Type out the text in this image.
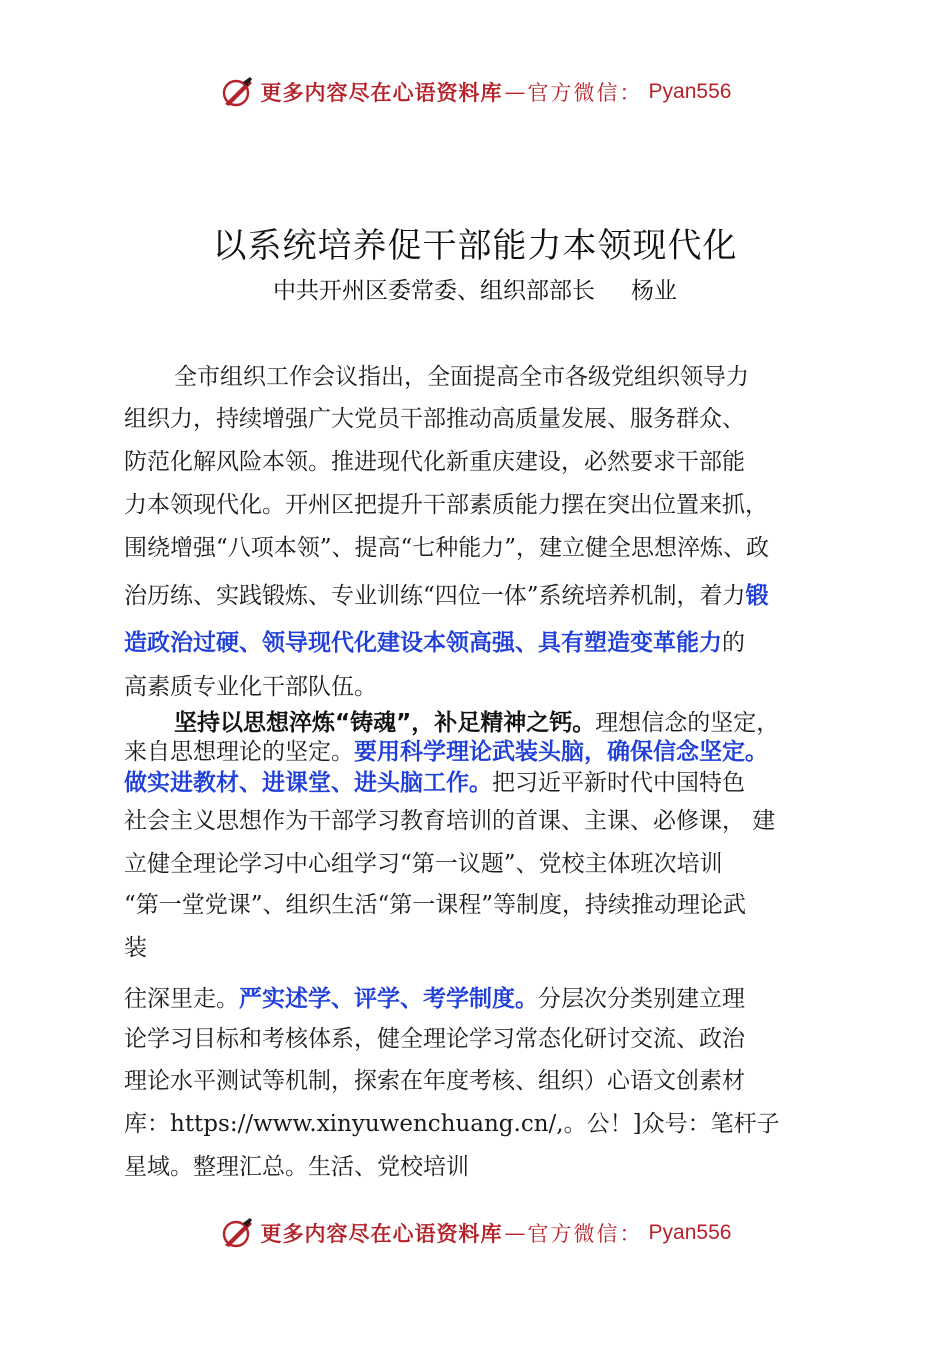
更多内容尽在心语资料库 — 官方微信： Pyan556
以系统培养促干部能力本领现代化
中共开州区委常委、组织部部长 杨业
全市组织工作会议指出，全面提高全市各级党组织领导力
组织力，持续增强广大党员干部推动高质量发展、服务群众、
防范化解风险本领。推进现代化新重庆建设，必然要求干部能
力本领现代化。开州区把提升干部素质能力摆在突出位置来抓，
围绕增强“八项本领”、提高“七种能力”，建立健全思想淬炼、政
治历练、实践锻炼、专业训练“四位一体”系统培养机制，着力锻
造政治过硬、领导现代化建设本领高强、具有塑造变革能力的
高素质专业化干部队伍。
坚持以思想淬炼“铸魂”，补足精神之钙。理想信念的坚定，
来自思想理论的坚定。要用科学理论武装头脑，确保信念坚定。
做实进教材、进课堂、进头脑工作。把习近平新时代中国特色
社会主义思想作为干部学习教育培训的首课、主课、必修课， 建
立健全理论学习中心组学习“第一议题”、党校主体班次培训
“第一堂党课”、组织生活“第一课程”等制度，持续推动理论武
装
往深里走。严实述学、评学、考学制度。分层次分类别建立理
论学习目标和考核体系，健全理论学习常态化研讨交流、政治
理论水平测试等机制，探索在年度考核、组织）心语文创素材
库：https://www.xinyuwenchuang.cn/,。公！]众号：笔杆子
星域。整理汇总。生活、党校培训
更多内容尽在心语资料库 — 官方微信： Pyan556
